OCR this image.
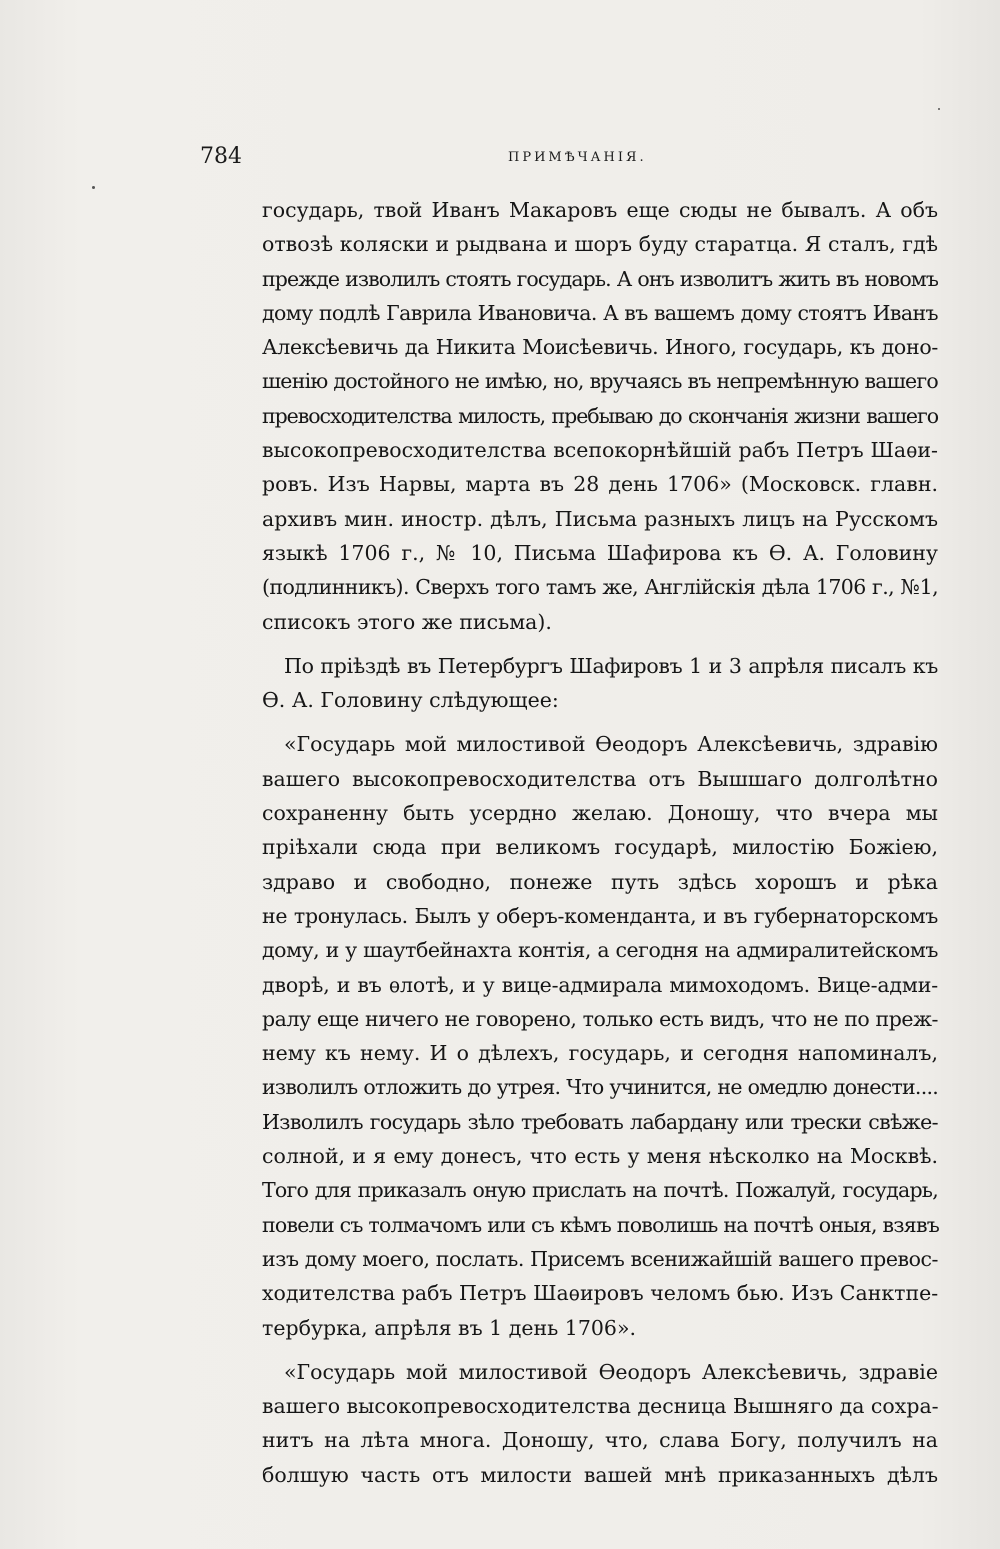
784	ПРИМѢЧАНІЯ.

государь, твой Иванъ Макаровъ еще сюды не бывалъ. А объ
отвозѣ коляски и рыдвана и шоръ буду старатца. Я сталъ, гдѣ
прежде изволилъ стоять государь. А онъ изволитъ жить въ новомъ
дому подлѣ Гаврила Ивановича. А въ вашемъ дому стоятъ Иванъ
Алексѣевичь да Никита Моисѣевичь. Иного, государь, къ доно-
шенію достойного не имѣю, но, вручаясь въ непремѣнную вашего
превосходителства милость, пребываю до скончанія жизни вашего
высокопревосходителства всепокорнѣйшій рабъ Петръ Шаѳи-
ровъ. Изъ Нарвы, марта въ 28 день 1706» (Московск. главн.
архивъ мин. иностр. дѣлъ, Письма разныхъ лицъ на Русскомъ
языкѣ 1706 г., № 10, Письма Шафирова къ Ѳ. А. Головину
(подлинникъ). Сверхъ того тамъ же, Англійскія дѣла 1706 г., №1,
списокъ этого же письма).

По пріѣздѣ въ Петербургъ Шафировъ 1 и 3 апрѣля писалъ къ
Ѳ. А. Головину слѣдующее:

«Государь мой милостивой Ѳеодоръ Алексѣевичь, здравію
вашего высокопревосходителства отъ Вышшаго долголѣтно
сохраненну быть усердно желаю. Доношу, что вчера мы
пріѣхали сюда при великомъ государѣ, милостію Божіею,
здраво и свободно, понеже путь здѣсь хорошъ и рѣка
не тронулась. Былъ у оберъ-коменданта, и въ губернаторскомъ
дому, и у шаутбейнахта контія, а сегодня на адмиралитейскомъ
дворѣ, и въ ѳлотѣ, и у вице-адмирала мимоходомъ. Вице-адми-
ралу еще ничего не говорено, только есть видъ, что не по преж-
нему къ нему. И о дѣлехъ, государь, и сегодня напоминалъ,
изволилъ отложить до утрея. Что учинится, не омедлю донести....
Изволилъ государь зѣло требовать лабардану или трески свѣже-
солной, и я ему донесъ, что есть у меня нѣсколко на Москвѣ.
Того для приказалъ оную прислать на почтѣ. Пожалуй, государь,
повели съ толмачомъ или съ кѣмъ поволишь на почтѣ оныя, взявъ
изъ дому моего, послать. Присемъ всенижайшій вашего превос-
ходителства рабъ Петръ Шаѳировъ челомъ бью. Изъ Санктпе-
тербурка, апрѣля въ 1 день 1706».

«Государь мой милостивой Ѳеодоръ Алексѣевичь, здравіе
вашего высокопревосходителства десница Вышняго да сохра-
нитъ на лѣта многа. Доношу, что, слава Богу, получилъ на
болшую часть отъ милости вашей мнѣ приказанныхъ дѣлъ
